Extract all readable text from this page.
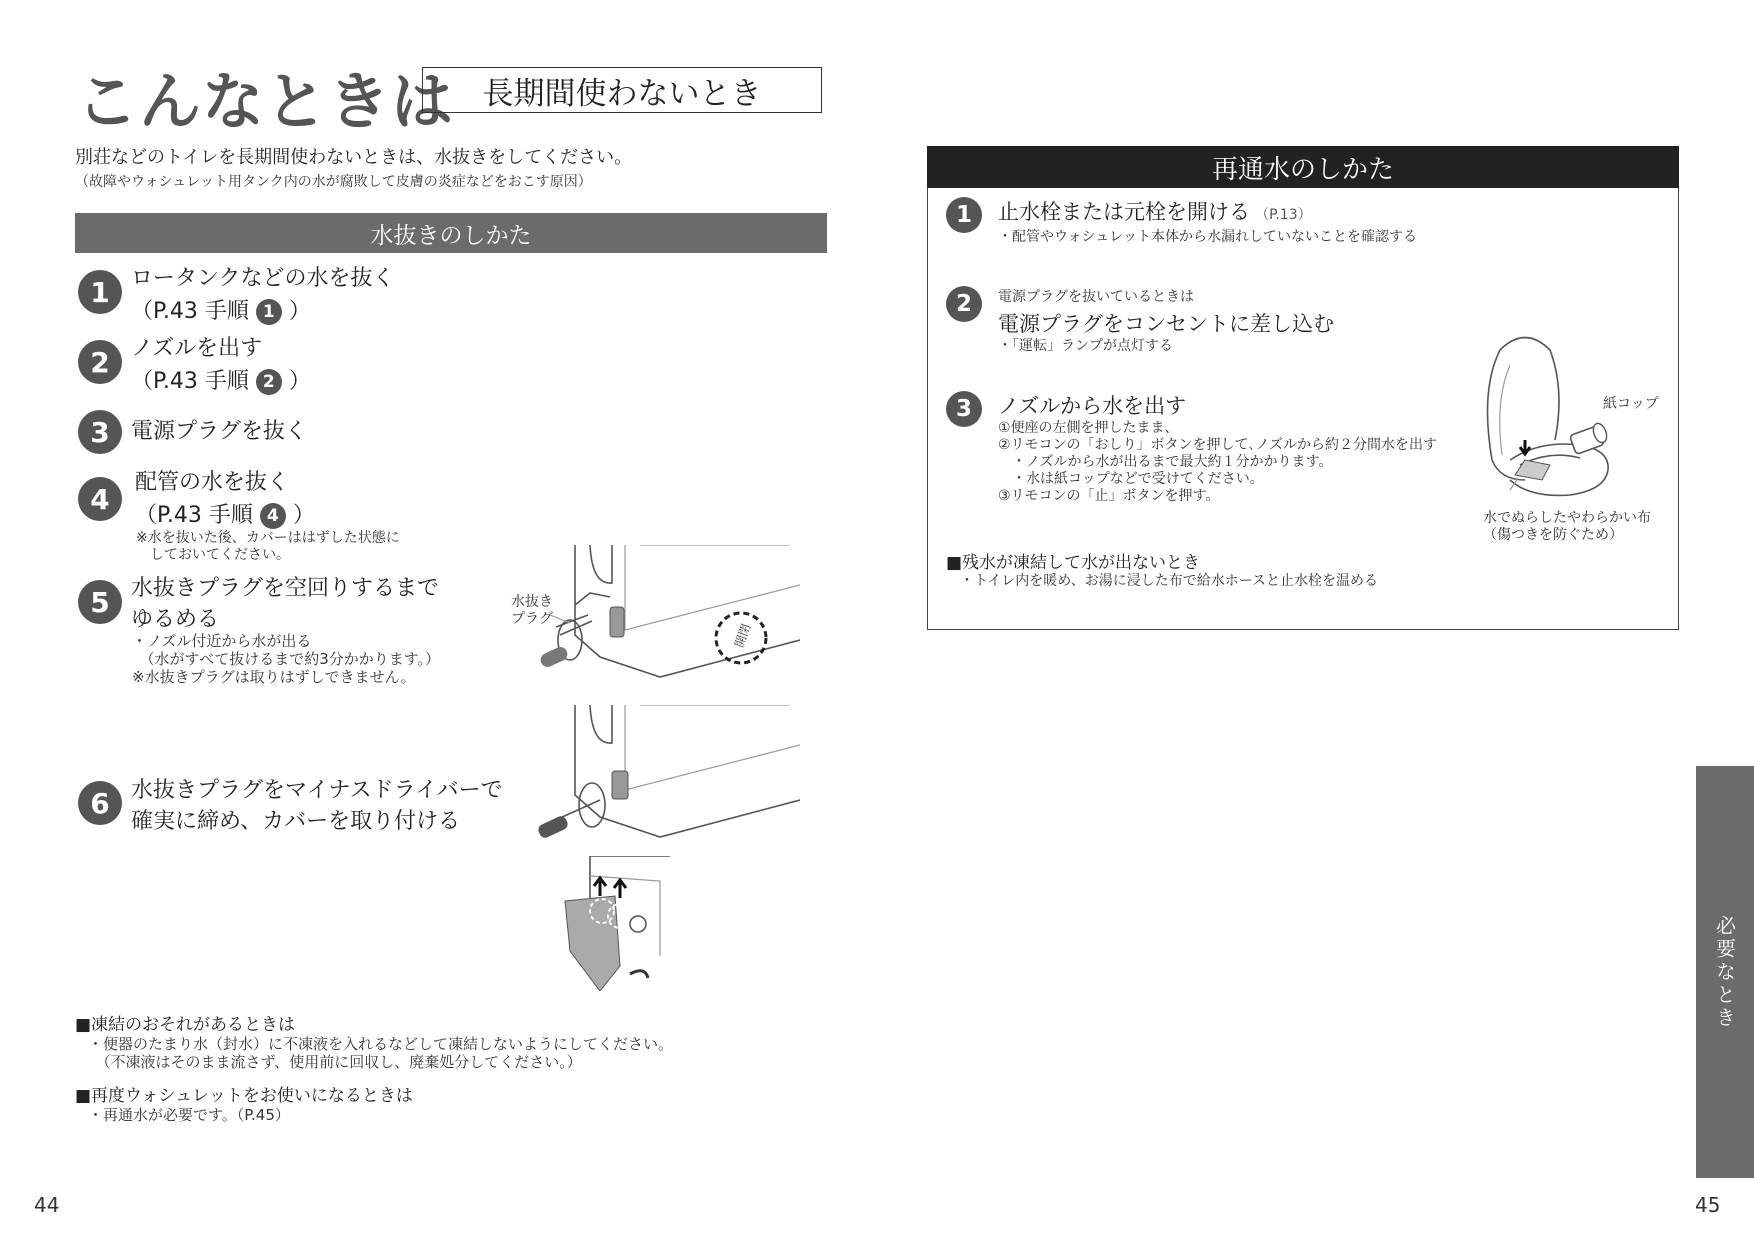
こんなときは 長期間使わないとき
別荘などのトイレを長期間使わないときは、水抜きをしてください。
（故障やウォシュレット用タンク内の水が腐敗して皮膚の炎症などをおこす原因）
水抜きのしかた
1 ロータンクなどの水を抜く
（P.43 手順 1 ）
2 ノズルを出す
（P.43 手順 2 ）
3 電源プラグを抜く
4	配管の水を抜く
（P.43 手順 4 ）
※水を抜いた後、カバーははずした状態に
　しておいてください。
5 水抜きプラグを空回りするまで
ゆるめる
・ノズル付近から水が出る
　（水がすべて抜けるまで約3分かかります。）
※水抜きプラグは取りはずしできません。
6 水抜きプラグをマイナスドライバーで
確実に締め、カバーを取り付ける
水抜き
プラグ
開閉
■凍結のおそれがあるときは
・便器のたまり水（封水）に不凍液を入れるなどして凍結しないようにしてください。
　（不凍液はそのまま流さず、使用前に回収し、廃棄処分してください。）
■再度ウォシュレットをお使いになるときは
・再通水が必要です。（P.45）
再通水のしかた
1	止水栓または元栓を開ける （P.13）
・配管やウォシュレット本体から水漏れしていないことを確認する
2	電源プラグを抜いているときは
電源プラグをコンセントに差し込む
・「運転」ランプが点灯する
3	ノズルから水を出す
①便座の左側を押したまま、
②リモコンの「おしり」ボタンを押して､ノズルから約２分間水を出す
　・ノズルから水が出るまで最大約１分かかります。
　・水は紙コップなどで受けてください。
③リモコンの「止」ボタンを押す。
紙コップ
水でぬらしたやわらかい布
（傷つきを防ぐため）
■残水が凍結して水が出ないとき
・トイレ内を暖め、お湯に浸した布で給水ホースと止水栓を温める
必要なとき
44	45
